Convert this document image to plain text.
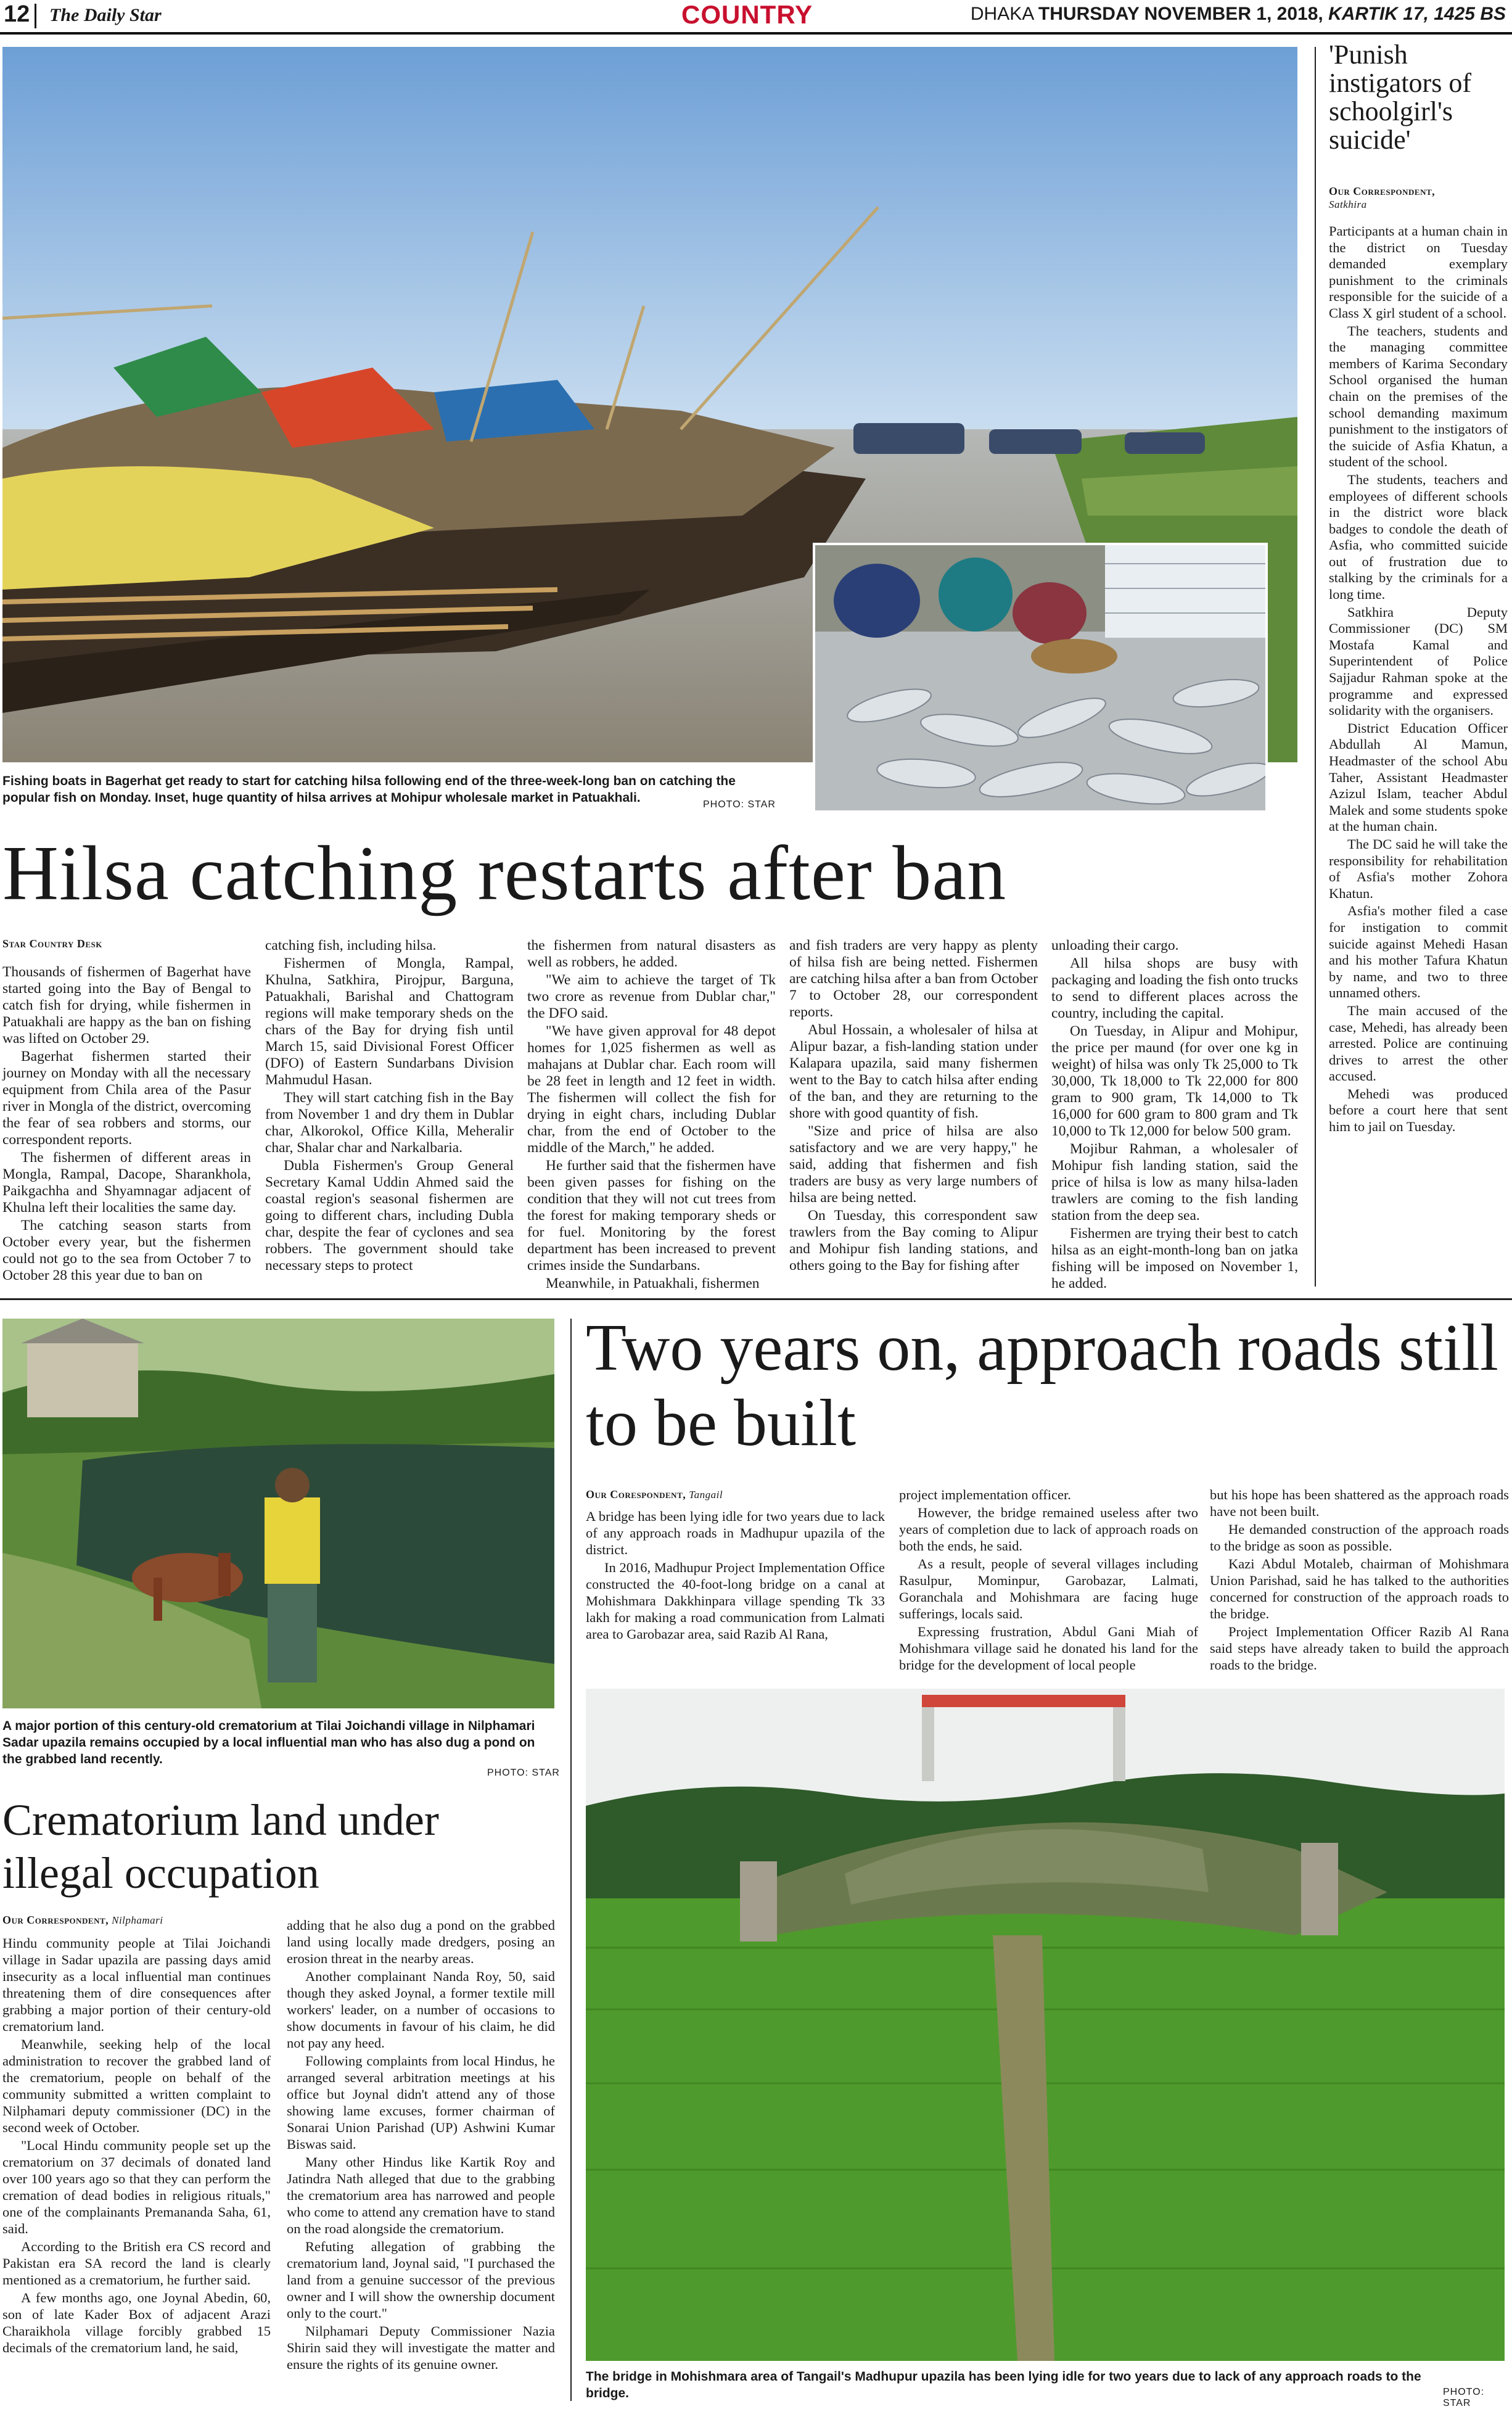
12 The Daily Star	COUNTRY	DHAKA THURSDAY NOVEMBER 1, 2018, KARTIK 17, 1425 BS
Fishing boats in Bagerhat get ready to start for catching hilsa following end of the three-week-long ban on catching the popular fish on Monday. Inset, huge quantity of hilsa arrives at Mohipur wholesale market in Patuakhali.	PHOTO: STAR
Hilsa catching restarts after ban
Star Country Desk

Thousands of fishermen of Bagerhat have started going into the Bay of Bengal to catch fish for drying, while fishermen in Patuakhali are happy as the ban on fishing was lifted on October 29.

Bagerhat fishermen started their journey on Monday with all the necessary equipment from Chila area of the Pasur river in Mongla of the district, overcoming the fear of sea robbers and storms, our correspondent reports.

The fishermen of different areas in Mongla, Rampal, Dacope, Sharankhola, Paikgachha and Shyamnagar adjacent of Khulna left their localities the same day.

The catching season starts from October every year, but the fishermen could not go to the sea from October 7 to October 28 this year due to ban on

catching fish, including hilsa.

Fishermen of Mongla, Rampal, Khulna, Satkhira, Pirojpur, Barguna, Patuakhali, Barishal and Chattogram regions will make temporary sheds on the chars of the Bay for drying fish until March 15, said Divisional Forest Officer (DFO) of Eastern Sundarbans Division Mahmudul Hasan.

They will start catching fish in the Bay from November 1 and dry them in Dublar char, Alkorokol, Office Killa, Meheralir char, Shalar char and Narkalbaria.

Dubla Fishermen's Group General Secretary Kamal Uddin Ahmed said the coastal region's seasonal fishermen are going to different chars, including Dubla char, despite the fear of cyclones and sea robbers. The government should take necessary steps to protect

the fishermen from natural disasters as well as robbers, he added.

"We aim to achieve the target of Tk two crore as revenue from Dublar char," the DFO said.

"We have given approval for 48 depot homes for 1,025 fishermen as well as mahajans at Dublar char. Each room will be 28 feet in length and 12 feet in width. The fishermen will collect the fish for drying in eight chars, including Dublar char, from the end of October to the middle of the March," he added.

He further said that the fishermen have been given passes for fishing on the condition that they will not cut trees from the forest for making temporary sheds or for fuel. Monitoring by the forest department has been increased to prevent crimes inside the Sundarbans.

Meanwhile, in Patuakhali, fishermen

and fish traders are very happy as plenty of hilsa fish are being netted. Fishermen are catching hilsa after a ban from October 7 to October 28, our correspondent reports.

Abul Hossain, a wholesaler of hilsa at Alipur bazar, a fish-landing station under Kalapara upazila, said many fishermen went to the Bay to catch hilsa after ending of the ban, and they are returning to the shore with good quantity of fish.

"Size and price of hilsa are also satisfactory and we are very happy," he said, adding that fishermen and fish traders are busy as very large numbers of hilsa are being netted.

On Tuesday, this correspondent saw trawlers from the Bay coming to Alipur and Mohipur fish landing stations, and others going to the Bay for fishing after

unloading their cargo.

All hilsa shops are busy with packaging and loading the fish onto trucks to send to different places across the country, including the capital.

On Tuesday, in Alipur and Mohipur, the price per maund (for over one kg in weight) of hilsa was only Tk 25,000 to Tk 30,000, Tk 18,000 to Tk 22,000 for 800 gram to 900 gram, Tk 14,000 to Tk 16,000 for 600 gram to 800 gram and Tk 10,000 to Tk 12,000 for below 500 gram.

Mojibur Rahman, a wholesaler of Mohipur fish landing station, said the price of hilsa is low as many hilsa-laden trawlers are coming to the fish landing station from the deep sea.

Fishermen are trying their best to catch hilsa as an eight-month-long ban on jatka fishing will be imposed on November 1, he added.

'Punish instigators of schoolgirl's suicide'
Our Correspondent,
Satkhira

Participants at a human chain in the district on Tuesday demanded exemplary punishment to the criminals responsible for the suicide of a Class X girl student of a school.

The teachers, students and the managing committee members of Karima Secondary School organised the human chain on the premises of the school demanding maximum punishment to the instigators of the suicide of Asfia Khatun, a student of the school.

The students, teachers and employees of different schools in the district wore black badges to condole the death of Asfia, who committed suicide out of frustration due to stalking by the criminals for a long time.

Satkhira Deputy Commissioner (DC) SM Mostafa Kamal and Superintendent of Police Sajjadur Rahman spoke at the programme and expressed solidarity with the organisers.

District Education Officer Abdullah Al Mamun, Headmaster of the school Abu Taher, Assistant Headmaster Azizul Islam, teacher Abdul Malek and some students spoke at the human chain.

The DC said he will take the responsibility for rehabilitation of Asfia's mother Zohora Khatun.

Asfia's mother filed a case for instigation to commit suicide against Mehedi Hasan and his mother Tafura Khatun by name, and two to three unnamed others.

The main accused of the case, Mehedi, has already been arrested. Police are continuing drives to arrest the other accused.

Mehedi was produced before a court here that sent him to jail on Tuesday.

A major portion of this century-old crematorium at Tilai Joichandi village in Nilphamari Sadar upazila remains occupied by a local influential man who has also dug a pond on the grabbed land recently.
PHOTO: STAR
Crematorium land under illegal occupation
Our Correspondent, Nilphamari

Hindu community people at Tilai Joichandi village in Sadar upazila are passing days amid insecurity as a local influential man continues threatening them of dire consequences after grabbing a major portion of their century-old crematorium land.

Meanwhile, seeking help of the local administration to recover the grabbed land of the crematorium, people on behalf of the community submitted a written complaint to Nilphamari deputy commissioner (DC) in the second week of October.

"Local Hindu community people set up the crematorium on 37 decimals of donated land over 100 years ago so that they can perform the cremation of dead bodies in religious rituals," one of the complainants Premananda Saha, 61, said.

According to the British era CS record and Pakistan era SA record the land is clearly mentioned as a crematorium, he further said.

A few months ago, one Joynal Abedin, 60, son of late Kader Box of adjacent Arazi Charaikhola village forcibly grabbed 15 decimals of the crematorium land, he said,

adding that he also dug a pond on the grabbed land using locally made dredgers, posing an erosion threat in the nearby areas.

Another complainant Nanda Roy, 50, said though they asked Joynal, a former textile mill workers' leader, on a number of occasions to show documents in favour of his claim, he did not pay any heed.

Following complaints from local Hindus, he arranged several arbitration meetings at his office but Joynal didn't attend any of those showing lame excuses, former chairman of Sonarai Union Parishad (UP) Ashwini Kumar Biswas said.

Many other Hindus like Kartik Roy and Jatindra Nath alleged that due to the grabbing the crematorium area has narrowed and people who come to attend any cremation have to stand on the road alongside the crematorium.

Refuting allegation of grabbing the crematorium land, Joynal said, "I purchased the land from a genuine successor of the previous owner and I will show the ownership document only to the court."

Nilphamari Deputy Commissioner Nazia Shirin said they will investigate the matter and ensure the rights of its genuine owner.

Two years on, approach roads still to be built
Our Corespondent, Tangail

A bridge has been lying idle for two years due to lack of any approach roads in Madhupur upazila of the district.

In 2016, Madhupur Project Implementation Office constructed the 40-foot-long bridge on a canal at Mohishmara Dakkhinpara village spending Tk 33 lakh for making a road communication from Lalmati area to Garobazar area, said Razib Al Rana,

project implementation officer.

However, the bridge remained useless after two years of completion due to lack of approach roads on both the ends, he said.

As a result, people of several villages including Rasulpur, Mominpur, Garobazar, Lalmati, Goranchala and Mohishmara are facing huge sufferings, locals said.

Expressing frustration, Abdul Gani Miah of Mohishmara village said he donated his land for the bridge for the development of local people

but his hope has been shattered as the approach roads have not been built.

He demanded construction of the approach roads to the bridge as soon as possible.

Kazi Abdul Motaleb, chairman of Mohishmara Union Parishad, said he has talked to the authorities concerned for construction of the approach roads to the bridge.

Project Implementation Officer Razib Al Rana said steps have already taken to build the approach roads to the bridge.

The bridge in Mohishmara area of Tangail's Madhupur upazila has been lying idle for two years due to lack of any approach roads to the bridge.	PHOTO: STAR
